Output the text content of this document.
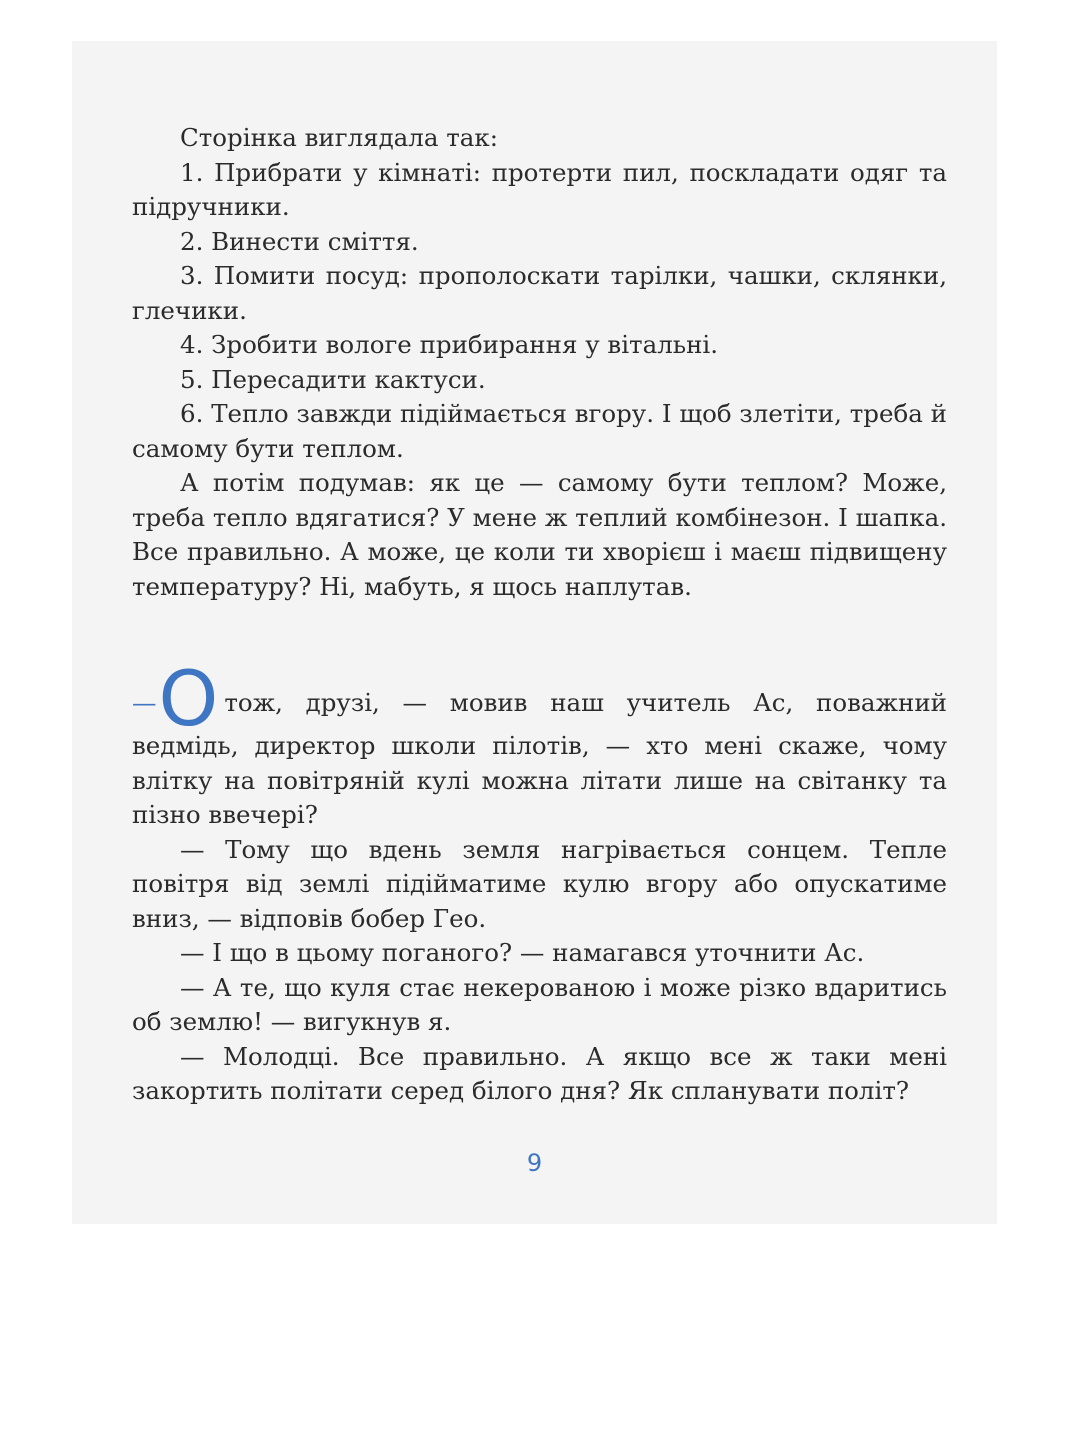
Сторінка виглядала так:

1. Прибрати у кімнаті: протерти пил, поскладати одяг та підручники.

2. Винести сміття.

3. Помити посуд: прополоскати тарілки, чашки, склянки, глечики.

4. Зробити вологе прибирання у вітальні.

5. Пересадити кактуси.

6. Тепло завжди підіймається вгору. І щоб злетіти, треба й самому бути теплом.

А потім подумав: як це — самому бути теплом? Може, треба тепло вдягатися? У мене ж теплий комбінезон. І шапка. Все правильно. А може, це коли ти хворієш і маєш підвищену температуру? Ні, мабуть, я щось наплутав.

—О тож, друзі, — мовив наш учитель Ас, поважний ведмідь, директор школи пілотів, — хто мені скаже, чому влітку на повітряній кулі можна літати лише на світанку та пізно ввечері?

— Тому що вдень земля нагрівається сонцем. Тепле повітря від землі підійматиме кулю вгору або опускатиме вниз, — відповів бобер Гео.

— І що в цьому поганого? — намагався уточнити Ас.

— А те, що куля стає некерованою і може різко вдаритись об землю! — вигукнув я.

— Молодці. Все правильно. А якщо все ж таки мені закортить політати серед білого дня? Як спланувати політ?

9
